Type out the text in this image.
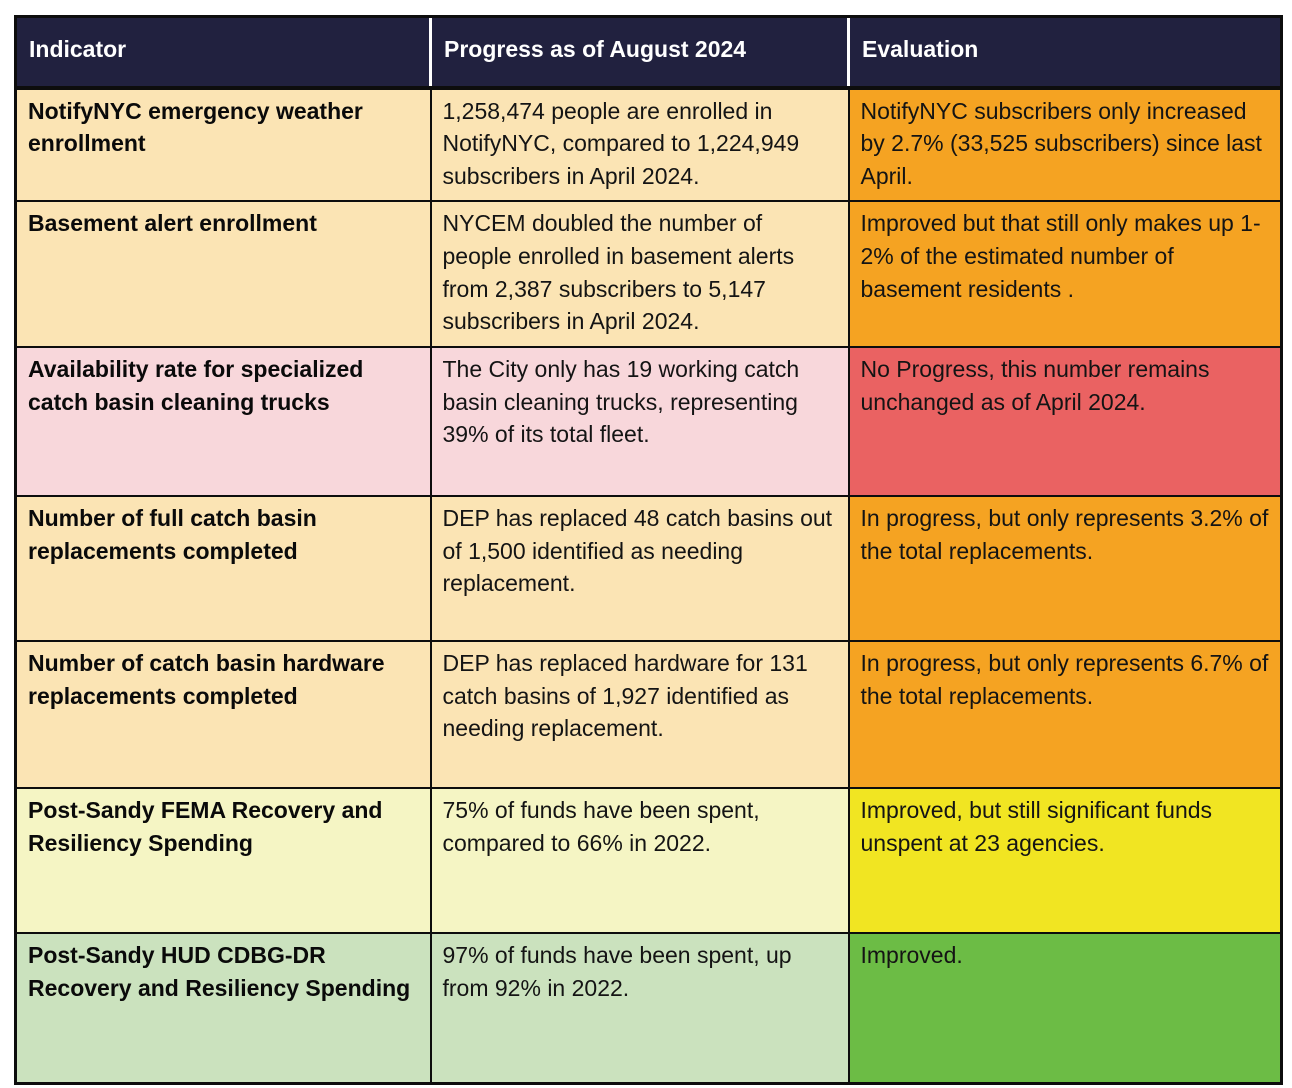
Indicator	Progress as of August 2024	Evaluation
NotifyNYC emergency weather enrollment	1,258,474 people are enrolled in NotifyNYC, compared to 1,224,949 subscribers in April 2024.	NotifyNYC subscribers only increased by 2.7% (33,525 subscribers) since last April.
Basement alert enrollment	NYCEM doubled the number of people enrolled in basement alerts from 2,387 subscribers to 5,147 subscribers in April 2024.	Improved but that still only makes up 1-2% of the estimated number of basement residents .
Availability rate for specialized catch basin cleaning trucks	The City only has 19 working catch basin cleaning trucks, representing 39% of its total fleet.	No Progress, this number remains unchanged as of April 2024.
Number of full catch basin replacements completed	DEP has replaced 48 catch basins out of 1,500 identified as needing replacement.	In progress, but only represents 3.2% of the total replacements.
Number of catch basin hardware replacements completed	DEP has replaced hardware for 131 catch basins of 1,927 identified as needing replacement.	In progress, but only represents 6.7% of the total replacements.
Post-Sandy FEMA Recovery and Resiliency Spending	75% of funds have been spent, compared to 66% in 2022.	Improved, but still significant funds unspent at 23 agencies.
Post-Sandy HUD CDBG-DR Recovery and Resiliency Spending	97% of funds have been spent, up from 92% in 2022.	Improved.
